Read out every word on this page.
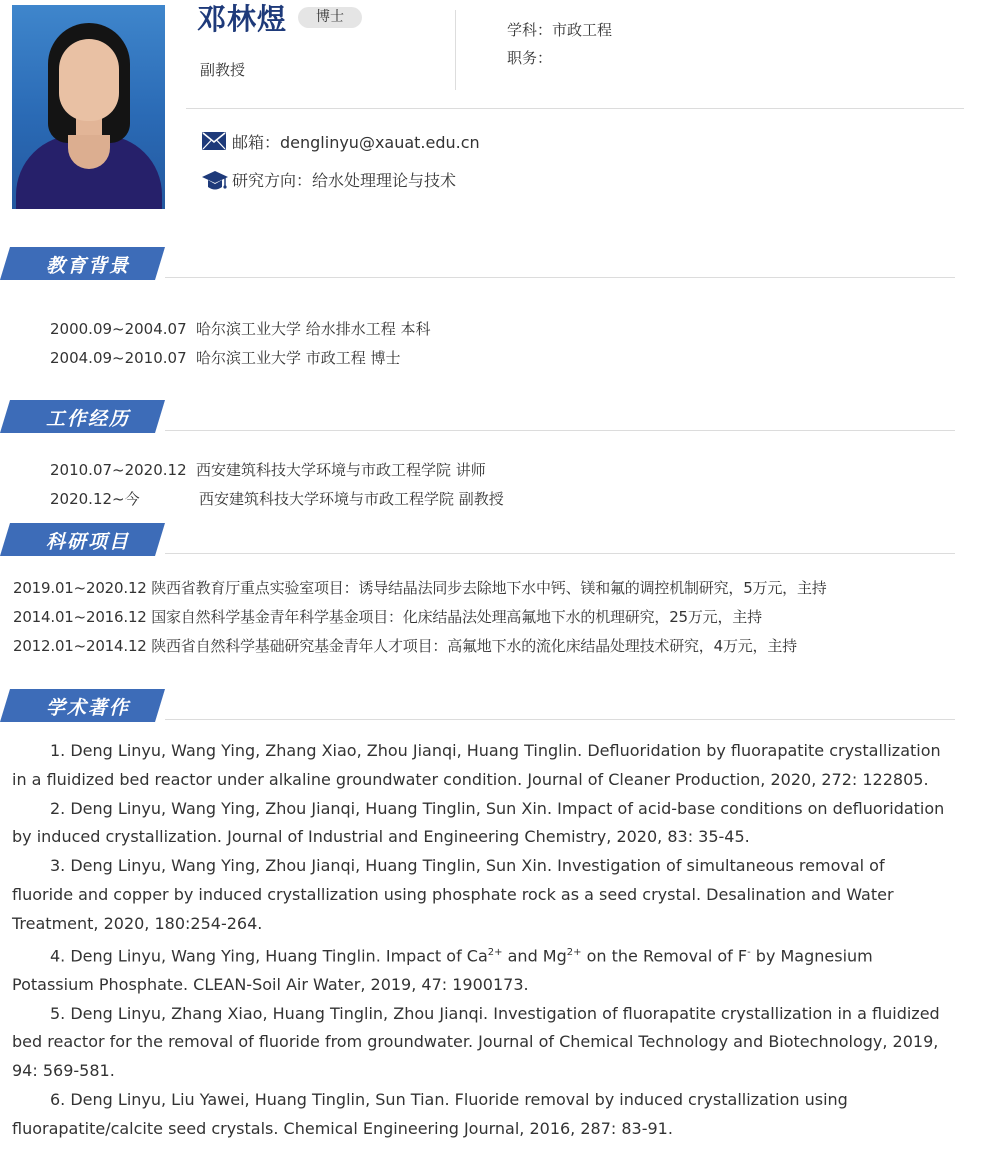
邓林煜	博士
副教授
学科：市政工程
职务：
邮箱：denglinyu@xauat.edu.cn
研究方向：给水处理理论与技术
教育背景
2000.09~2004.07 哈尔滨工业大学 给水排水工程 本科
2004.09~2010.07 哈尔滨工业大学 市政工程 博士
工作经历
2010.07~2020.12 西安建筑科技大学环境与市政工程学院 讲师
2020.12~今	西安建筑科技大学环境与市政工程学院 副教授
科研项目
2019.01~2020.12 陕西省教育厅重点实验室项目：诱导结晶法同步去除地下水中钙、镁和氟的调控机制研究，5万元，主持
2014.01~2016.12 国家自然科学基金青年科学基金项目：化床结晶法处理高氟地下水的机理研究，25万元，主持
2012.01~2014.12 陕西省自然科学基础研究基金青年人才项目：高氟地下水的流化床结晶处理技术研究，4万元，主持
学术著作

1. Deng Linyu, Wang Ying, Zhang Xiao, Zhou Jianqi, Huang Tinglin. Defluoridation by fluorapatite crystallization in a fluidized bed reactor under alkaline groundwater condition. Journal of Cleaner Production, 2020, 272: 122805.

2. Deng Linyu, Wang Ying, Zhou Jianqi, Huang Tinglin, Sun Xin. Impact of acid-base conditions on defluoridation by induced crystallization. Journal of Industrial and Engineering Chemistry, 2020, 83: 35-45.

3. Deng Linyu, Wang Ying, Zhou Jianqi, Huang Tinglin, Sun Xin. Investigation of simultaneous removal of fluoride and copper by induced crystallization using phosphate rock as a seed crystal. Desalination and Water Treatment, 2020, 180:254-264.

4. Deng Linyu, Wang Ying, Huang Tinglin. Impact of $Ca^{2+}$ and $Mg^{2+}$ on the Removal of F- by Magnesium Potassium Phosphate. CLEAN-Soil Air Water, 2019, 47: 1900173.

5. Deng Linyu, Zhang Xiao, Huang Tinglin, Zhou Jianqi. Investigation of fluorapatite crystallization in a fluidized bed reactor for the removal of fluoride from groundwater. Journal of Chemical Technology and Biotechnology, 2019, 94: 569-581.

6. Deng Linyu, Liu Yawei, Huang Tinglin, Sun Tian. Fluoride removal by induced crystallization using fluorapatite/calcite seed crystals. Chemical Engineering Journal, 2016, 287: 83-91.
